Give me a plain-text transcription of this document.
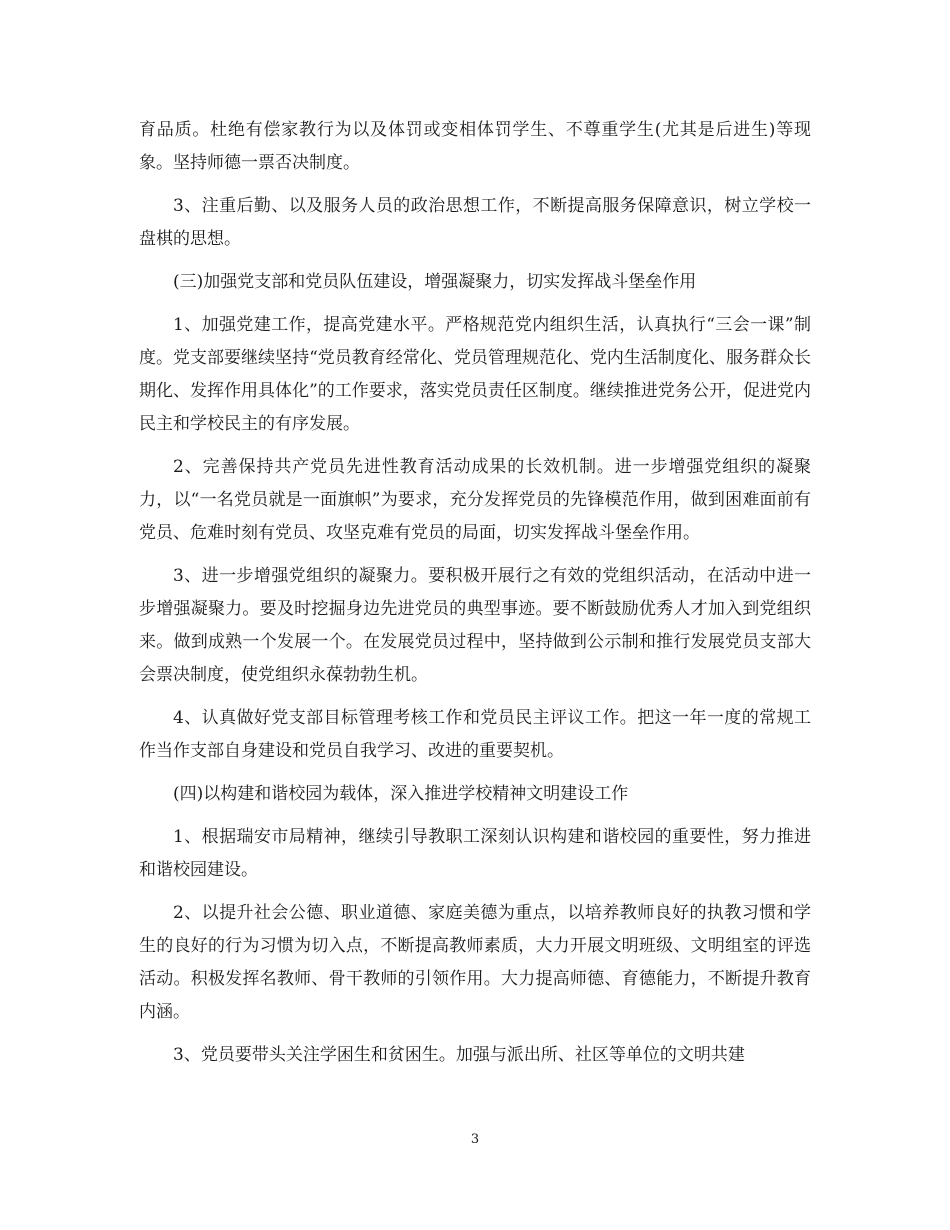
育品质。杜绝有偿家教行为以及体罚或变相体罚学生、不尊重学生(尤其是后进生)等现象。坚持师德一票否决制度。

3、注重后勤、以及服务人员的政治思想工作，不断提高服务保障意识，树立学校一盘棋的思想。

(三)加强党支部和党员队伍建设，增强凝聚力，切实发挥战斗堡垒作用

1、加强党建工作，提高党建水平。严格规范党内组织生活，认真执行“三会一课”制度。党支部要继续坚持“党员教育经常化、党员管理规范化、党内生活制度化、服务群众长期化、发挥作用具体化”的工作要求，落实党员责任区制度。继续推进党务公开，促进党内民主和学校民主的有序发展。

2、完善保持共产党员先进性教育活动成果的长效机制。进一步增强党组织的凝聚力，以“一名党员就是一面旗帜”为要求，充分发挥党员的先锋模范作用，做到困难面前有党员、危难时刻有党员、攻坚克难有党员的局面，切实发挥战斗堡垒作用。

3、进一步增强党组织的凝聚力。要积极开展行之有效的党组织活动，在活动中进一步增强凝聚力。要及时挖掘身边先进党员的典型事迹。要不断鼓励优秀人才加入到党组织来。做到成熟一个发展一个。在发展党员过程中，坚持做到公示制和推行发展党员支部大会票决制度，使党组织永葆勃勃生机。

4、认真做好党支部目标管理考核工作和党员民主评议工作。把这一年一度的常规工作当作支部自身建设和党员自我学习、改进的重要契机。

(四)以构建和谐校园为载体，深入推进学校精神文明建设工作

1、根据瑞安市局精神，继续引导教职工深刻认识构建和谐校园的重要性，努力推进和谐校园建设。

2、以提升社会公德、职业道德、家庭美德为重点，以培养教师良好的执教习惯和学生的良好的行为习惯为切入点，不断提高教师素质，大力开展文明班级、文明组室的评选活动。积极发挥名教师、骨干教师的引领作用。大力提高师德、育德能力，不断提升教育内涵。

3、党员要带头关注学困生和贫困生。加强与派出所、社区等单位的文明共建

3
